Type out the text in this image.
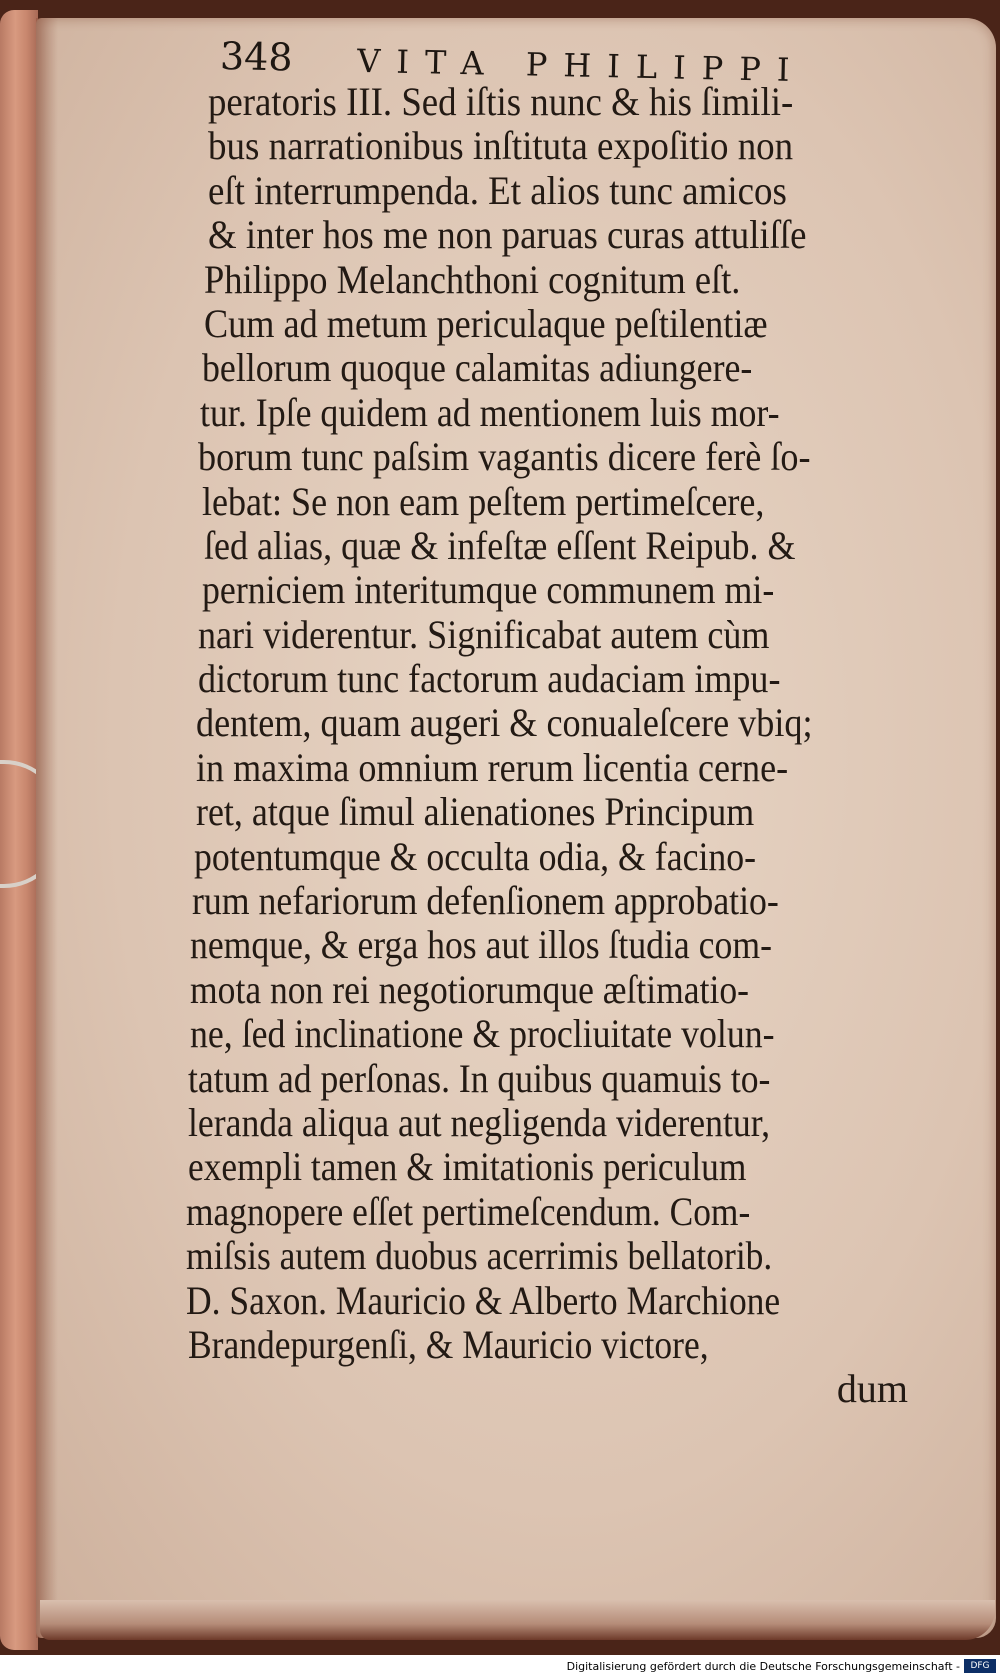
348 VITA PHILIPPI
peratoris III. Sed iſtis nunc & his ſimili-
bus narrationibus inſtituta expoſitio non
eſt interrumpenda. Et alios tunc amicos
& inter hos me non paruas curas attuliſſe
Philippo Melanchthoni cognitum eſt.
Cum ad metum periculaque peſtilentiæ
bellorum quoque calamitas adiungere-
tur. Ipſe quidem ad mentionem luis mor-
borum tunc paſsim vagantis dicere ferè ſo-
lebat: Se non eam peſtem pertimeſcere,
ſed alias, quæ & infeſtæ eſſent Reipub. &
perniciem interitumque communem mi-
nari viderentur. Significabat autem cùm
dictorum tunc factorum audaciam impu-
dentem, quam augeri & conualeſcere vbiq;
in maxima omnium rerum licentia cerne-
ret, atque ſimul alienationes Principum
potentumque & occulta odia, & facino-
rum nefariorum defenſionem approbatio-
nemque, & erga hos aut illos ſtudia com-
mota non rei negotiorumque æſtimatio-
ne, ſed inclinatione & procliuitate volun-
tatum ad perſonas. In quibus quamuis to-
leranda aliqua aut negligenda viderentur,
exempli tamen & imitationis periculum
magnopere eſſet pertimeſcendum. Com-
miſsis autem duobus acerrimis bellatorib.
D. Saxon. Mauricio & Alberto Marchione
Brandepurgenſi, & Mauricio victore,
dum
Digitalisierung gefördert durch die Deutsche Forschungsgemeinschaft -	DFG
